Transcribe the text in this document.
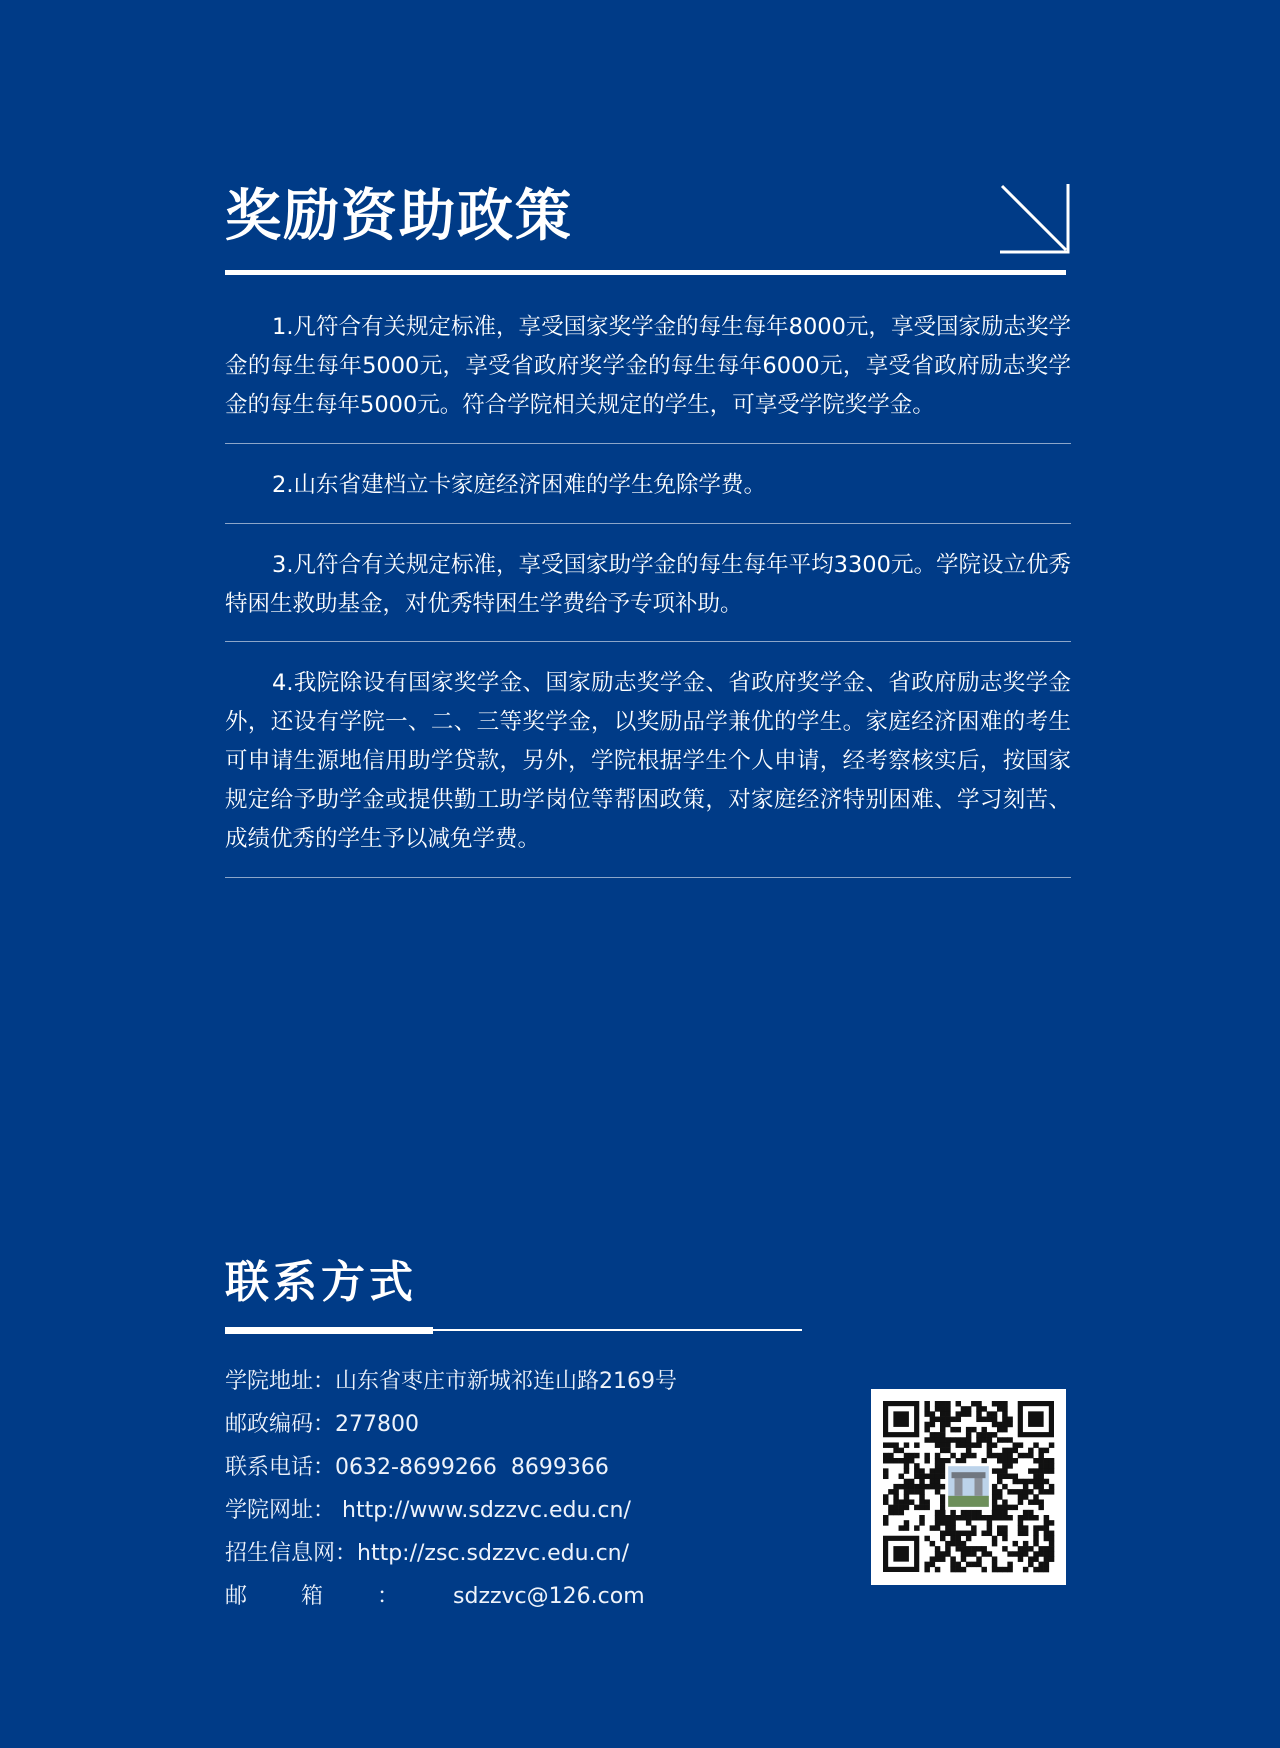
奖励资助政策

1.凡符合有关规定标准，享受国家奖学金的每生每年8000元，享受国家励志奖学金的每生每年5000元，享受省政府奖学金的每生每年6000元，享受省政府励志奖学金的每生每年5000元。符合学院相关规定的学生，可享受学院奖学金。

2.山东省建档立卡家庭经济困难的学生免除学费。

3.凡符合有关规定标准，享受国家助学金的每生每年平均3300元。学院设立优秀特困生救助基金，对优秀特困生学费给予专项补助。

4.我院除设有国家奖学金、国家励志奖学金、省政府奖学金、省政府励志奖学金外，还设有学院一、二、三等奖学金，以奖励品学兼优的学生。家庭经济困难的考生可申请生源地信用助学贷款，另外，学院根据学生个人申请，经考察核实后，按国家规定给予助学金或提供勤工助学岗位等帮困政策，对家庭经济特别困难、学习刻苦、成绩优秀的学生予以减免学费。

联系方式
学院地址：山东省枣庄市新城祁连山路2169号
邮政编码：277800
联系电话：0632-8699266  8699366
学院网址： http://www.sdzzvc.edu.cn/
招生信息网：http://zsc.sdzzvc.edu.cn/
邮箱：sdzzvc@126.com
